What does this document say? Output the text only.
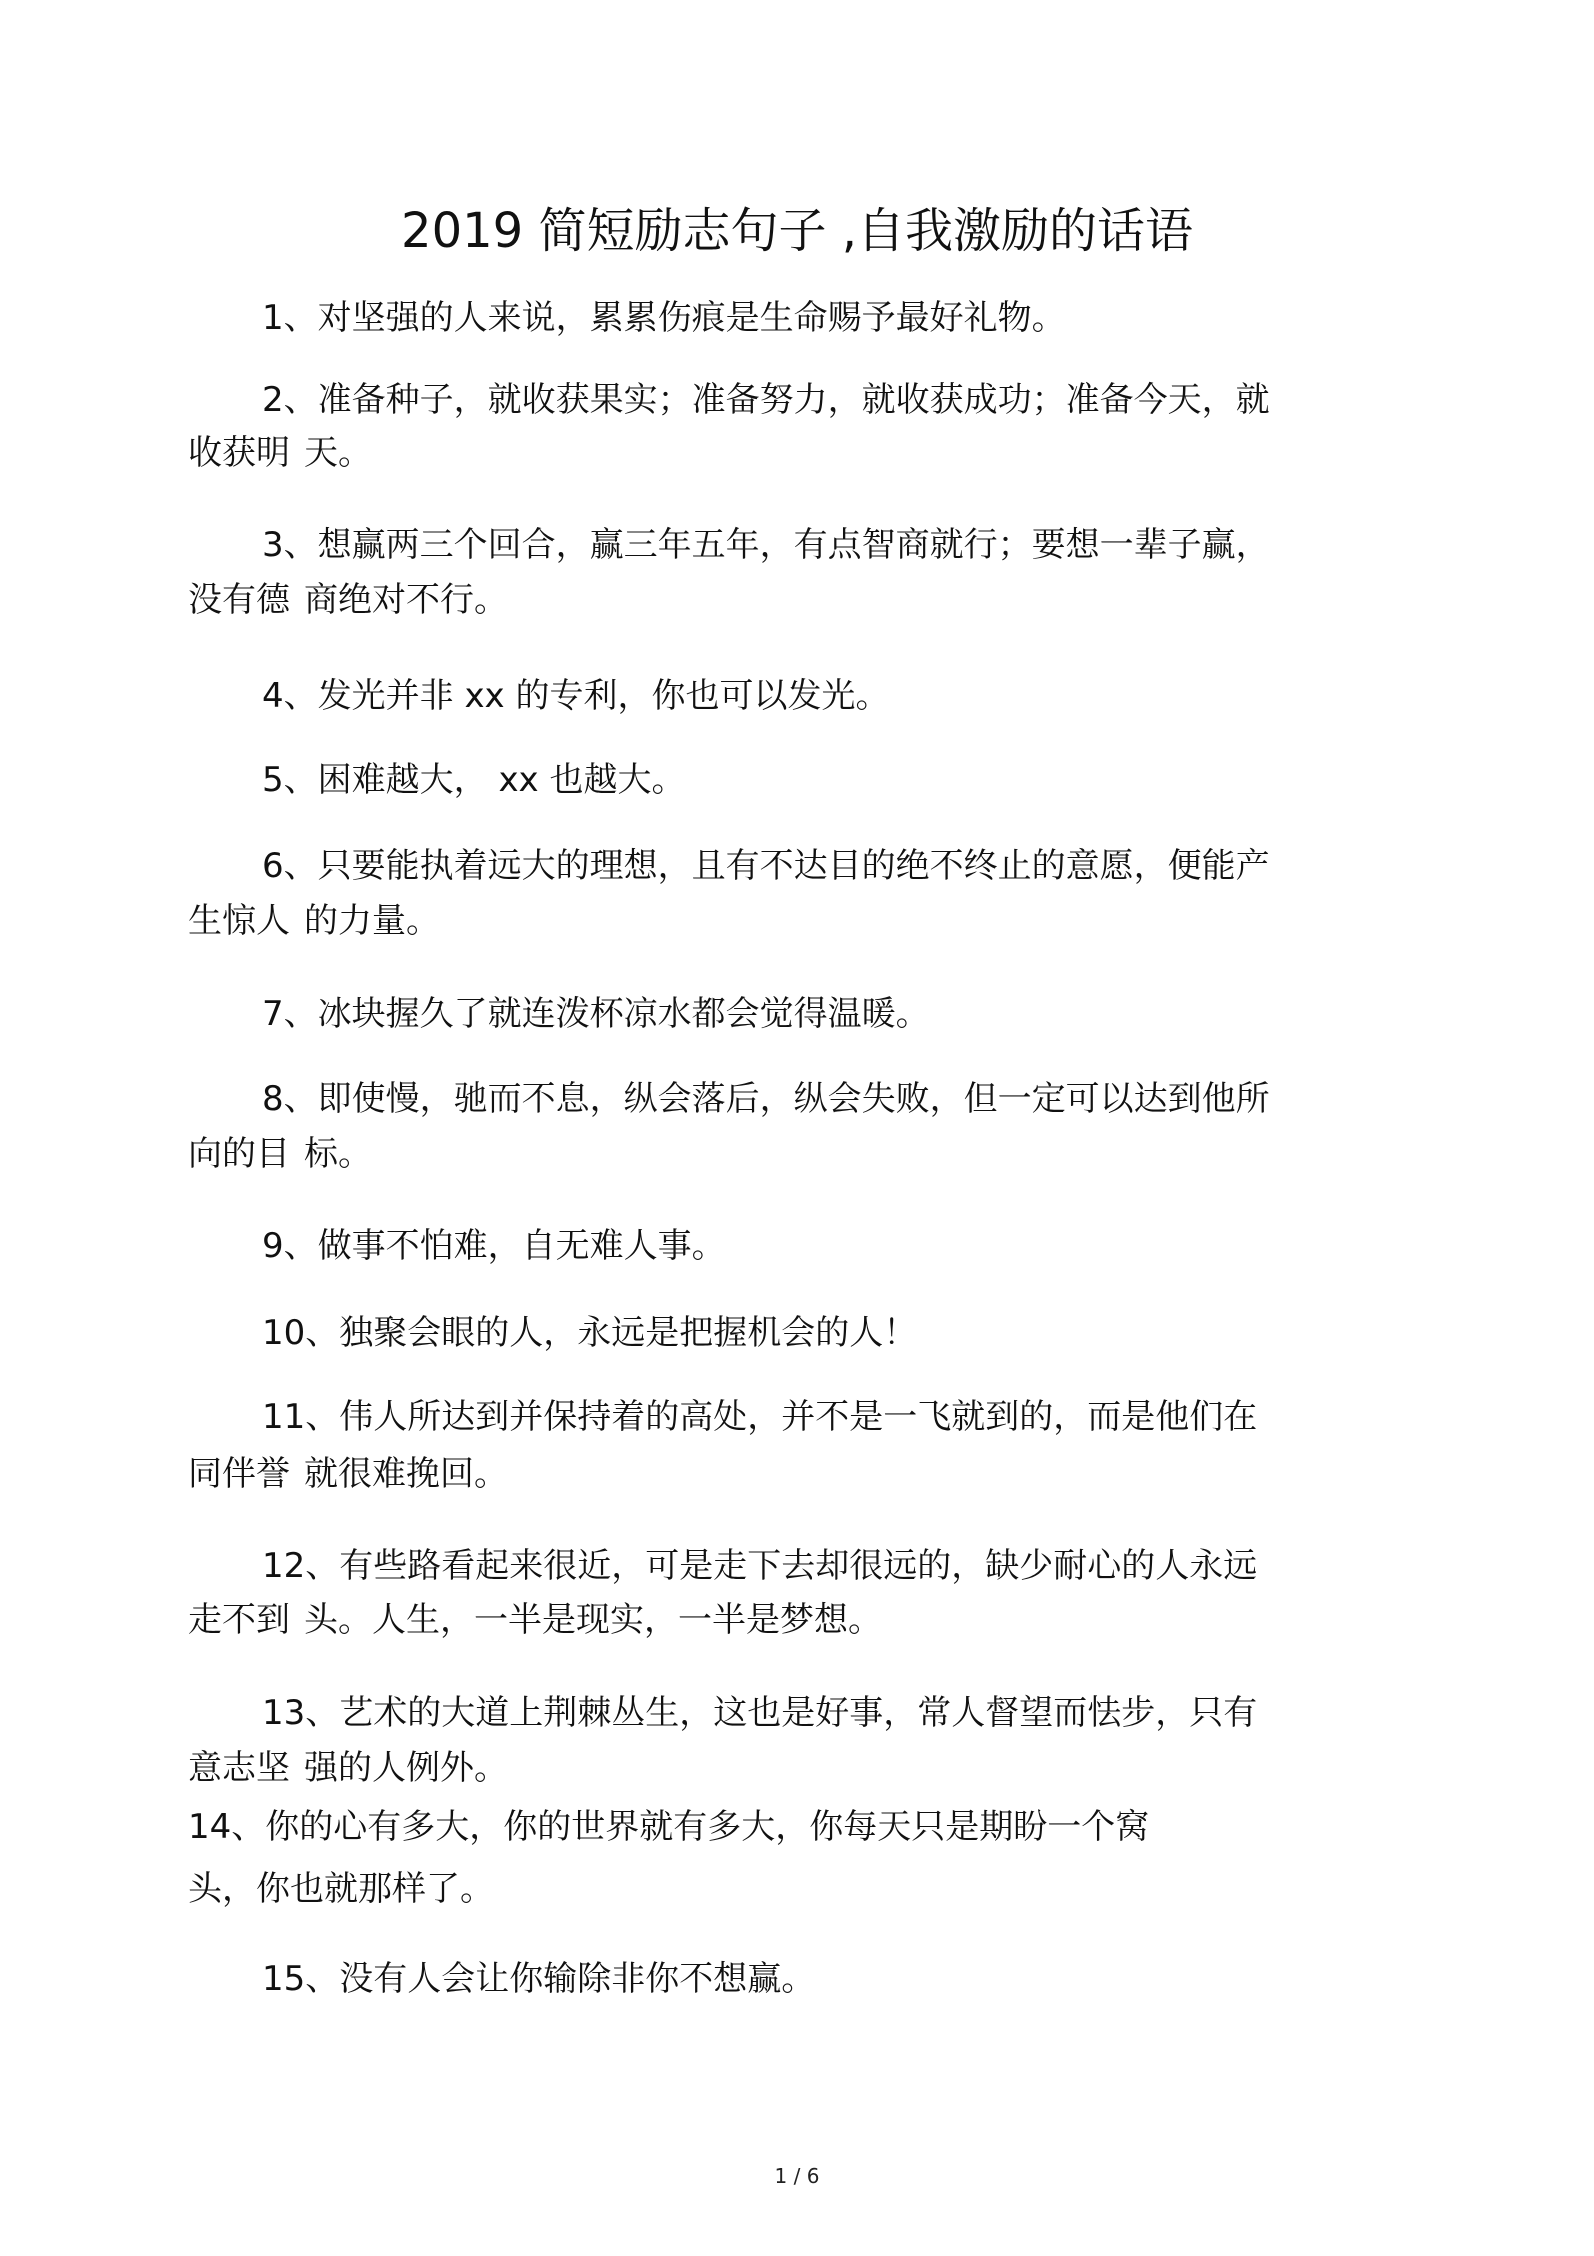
2019 简短励志句子 ,自我激励的话语
1、对坚强的人来说，累累伤痕是生命赐予最好礼物。
2、准备种子，就收获果实；准备努力，就收获成功；准备今天，就
收获明 天。
3、想赢两三个回合，赢三年五年，有点智商就行；要想一辈子赢，
没有德 商绝对不行。
4、发光并非 xx 的专利，你也可以发光。
5、困难越大， xx 也越大。
6、只要能执着远大的理想，且有不达目的绝不终止的意愿，便能产
生惊人 的力量。
7、冰块握久了就连泼杯凉水都会觉得温暖。
8、即使慢，驰而不息，纵会落后，纵会失败，但一定可以达到他所
向的目 标。
9、做事不怕难，自无难人事。
10、独聚会眼的人，永远是把握机会的人！
11、伟人所达到并保持着的高处，并不是一飞就到的，而是他们在
同伴誉 就很难挽回。
12、有些路看起来很近，可是走下去却很远的，缺少耐心的人永远
走不到 头。人生，一半是现实，一半是梦想。
13、艺术的大道上荆棘丛生，这也是好事，常人督望而怯步，只有
意志坚 强的人例外。
14、你的心有多大，你的世界就有多大，你每天只是期盼一个窝
头，你也就那样了。
15、没有人会让你输除非你不想赢。
1 / 6
